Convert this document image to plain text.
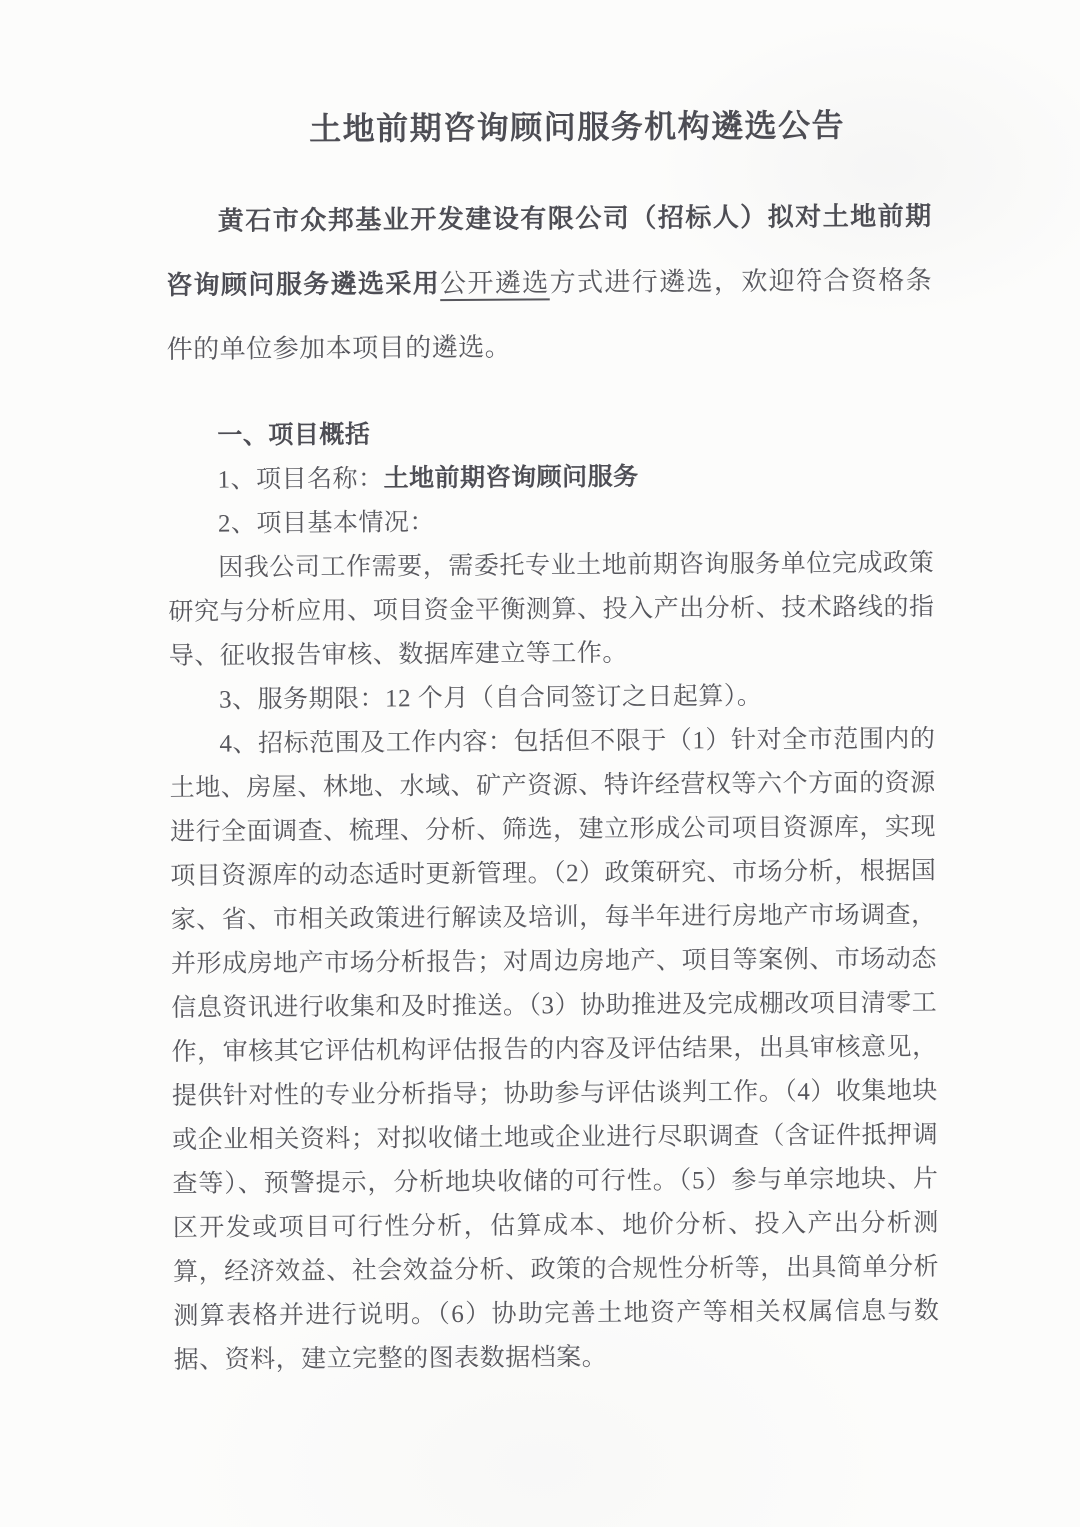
土地前期咨询顾问服务机构遴选公告

黄石市众邦基业开发建设有限公司（招标人）拟对土地前期咨询顾问服务遴选采用公开遴选方式进行遴选，欢迎符合资格条件的单位参加本项目的遴选。

一、项目概括

1、项目名称：土地前期咨询顾问服务

2、项目基本情况：

因我公司工作需要，需委托专业土地前期咨询服务单位完成政策研究与分析应用、项目资金平衡测算、投入产出分析、技术路线的指导、征收报告审核、数据库建立等工作。

3、服务期限：12 个月（自合同签订之日起算）。

4、招标范围及工作内容：包括但不限于（1）针对全市范围内的土地、房屋、林地、水域、矿产资源、特许经营权等六个方面的资源进行全面调查、梳理、分析、筛选，建立形成公司项目资源库，实现项目资源库的动态适时更新管理。（2）政策研究、市场分析，根据国家、省、市相关政策进行解读及培训，每半年进行房地产市场调查，并形成房地产市场分析报告；对周边房地产、项目等案例、市场动态信息资讯进行收集和及时推送。（3）协助推进及完成棚改项目清零工作，审核其它评估机构评估报告的内容及评估结果，出具审核意见，提供针对性的专业分析指导；协助参与评估谈判工作。（4）收集地块或企业相关资料；对拟收储土地或企业进行尽职调查（含证件抵押调查等）、预警提示，分析地块收储的可行性。（5）参与单宗地块、片区开发或项目可行性分析，估算成本、地价分析、投入产出分析测算，经济效益、社会效益分析、政策的合规性分析等，出具简单分析测算表格并进行说明。（6）协助完善土地资产等相关权属信息与数据、资料，建立完整的图表数据档案。
